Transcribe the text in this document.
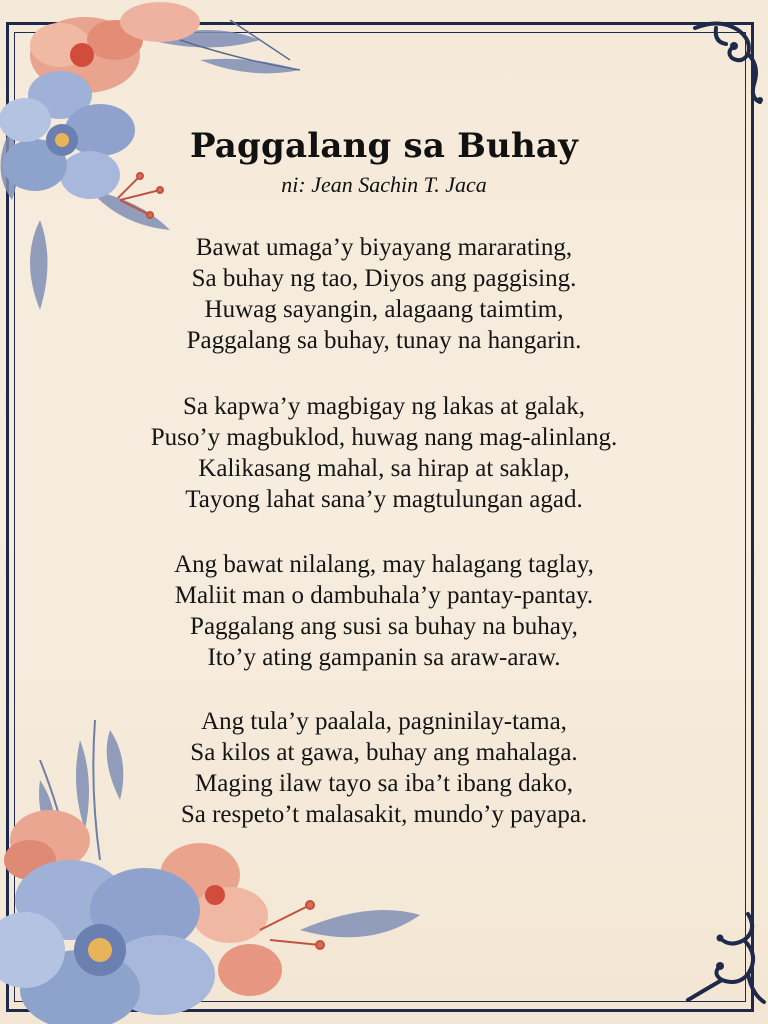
Paggalang sa Buhay
ni: Jean Sachin T. Jaca
Bawat umaga’y biyayang mararating,
Sa buhay ng tao, Diyos ang paggising.
Huwag sayangin, alagaang taimtim,
Paggalang sa buhay, tunay na hangarin.
Sa kapwa’y magbigay ng lakas at galak,
Puso’y magbuklod, huwag nang mag-alinlang.
Kalikasang mahal, sa hirap at saklap,
Tayong lahat sana’y magtulungan agad.
Ang bawat nilalang, may halagang taglay,
Maliit man o dambuhala’y pantay-pantay.
Paggalang ang susi sa buhay na buhay,
Ito’y ating gampanin sa araw-araw.
Ang tula’y paalala, pagninilay-tama,
Sa kilos at gawa, buhay ang mahalaga.
Maging ilaw tayo sa iba’t ibang dako,
Sa respeto’t malasakit, mundo’y payapa.
